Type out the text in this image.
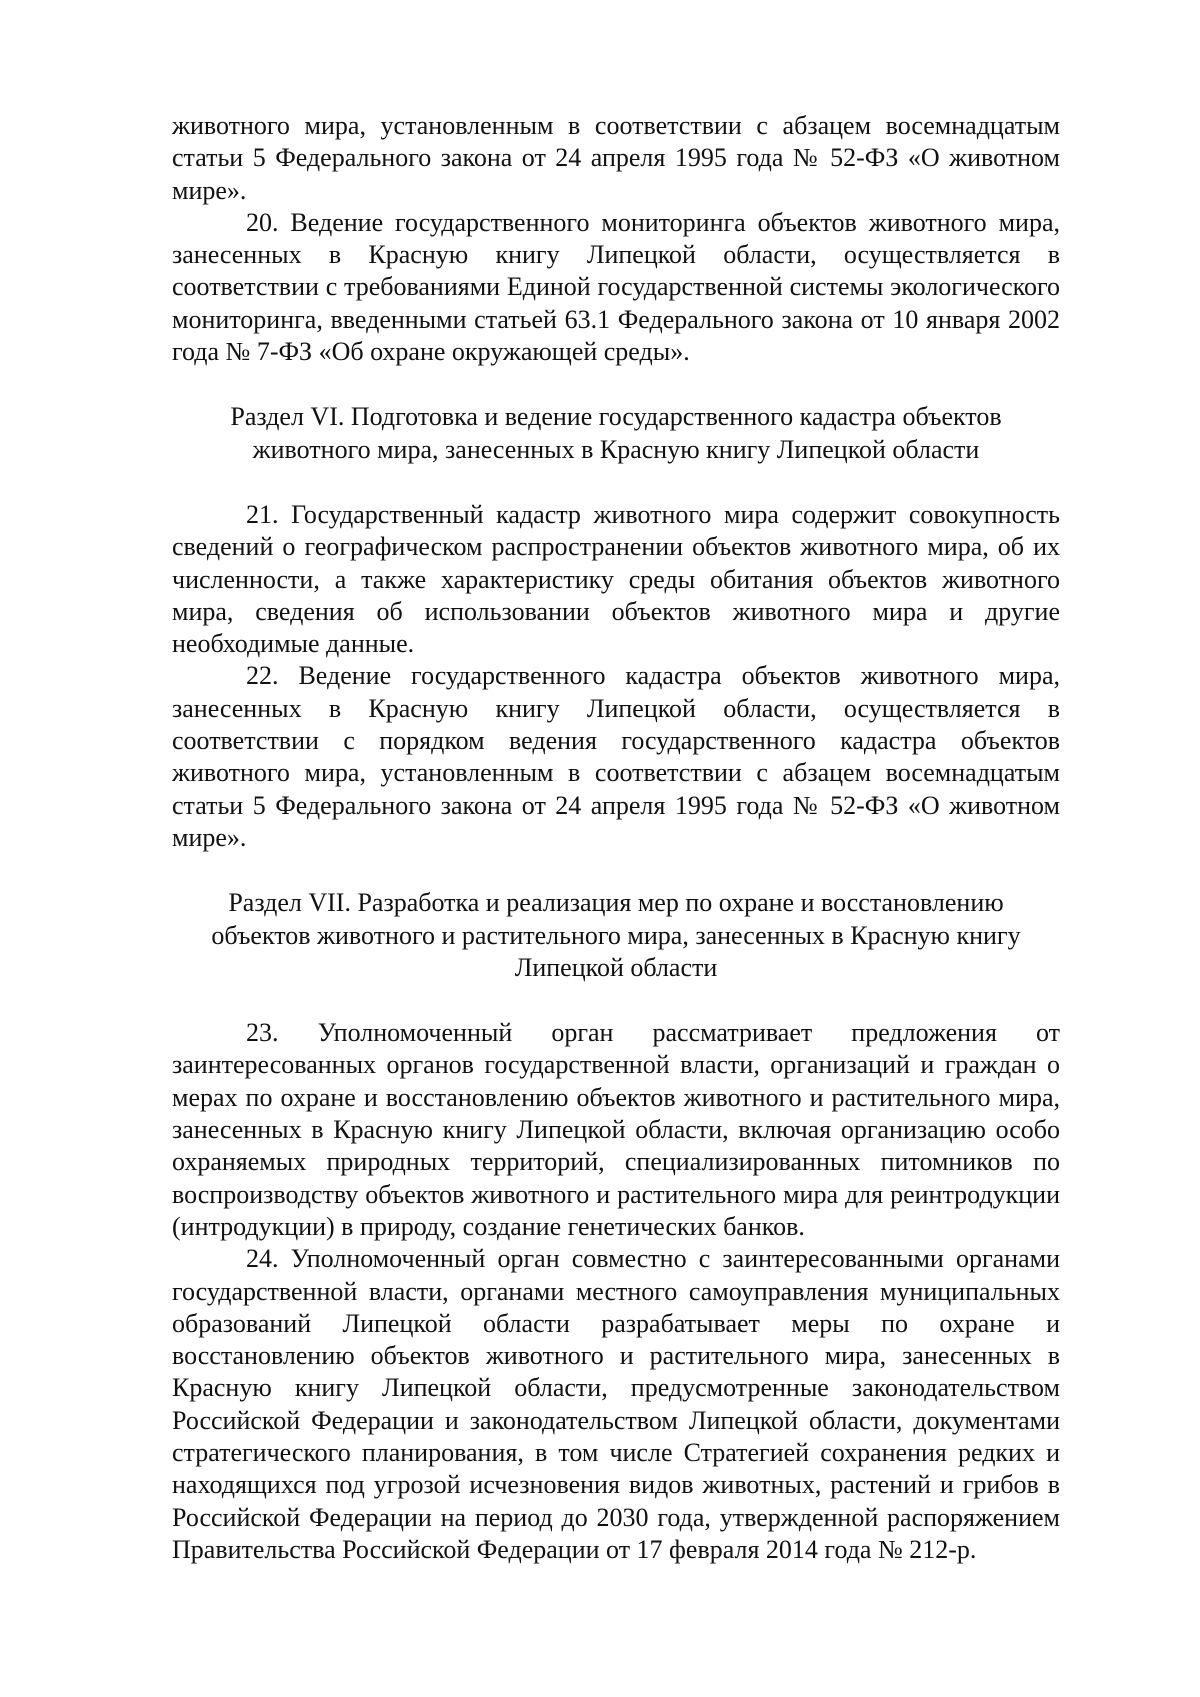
животного мира, установленным в соответствии с абзацем восемнадцатым статьи 5 Федерального закона от 24 апреля 1995 года № 52-ФЗ «О животном мире».

20. Ведение государственного мониторинга объектов животного мира, занесенных в Красную книгу Липецкой области, осуществляется в соответствии с требованиями Единой государственной системы экологического мониторинга, введенными статьей 63.1 Федерального закона от 10 января 2002 года № 7-ФЗ «Об охране окружающей среды».

Раздел VI. Подготовка и ведение государственного кадастра объектов

животного мира, занесенных в Красную книгу Липецкой области

21. Государственный кадастр животного мира содержит совокупность сведений о географическом распространении объектов животного мира, об их численности, а также характеристику среды обитания объектов животного мира, сведения об использовании объектов животного мира и другие необходимые данные.

22. Ведение государственного кадастра объектов животного мира, занесенных в Красную книгу Липецкой области, осуществляется в соответствии с порядком ведения государственного кадастра объектов животного мира, установленным в соответствии с абзацем восемнадцатым статьи 5 Федерального закона от 24 апреля 1995 года № 52-ФЗ «О животном мире».

Раздел VII. Разработка и реализация мер по охране и восстановлению

объектов животного и растительного мира, занесенных в Красную книгу

Липецкой области

23. Уполномоченный орган рассматривает предложения от заинтересованных органов государственной власти, организаций и граждан о мерах по охране и восстановлению объектов животного и растительного мира, занесенных в Красную книгу Липецкой области, включая организацию особо охраняемых природных территорий, специализированных питомников по воспроизводству объектов животного и растительного мира для реинтродукции (интродукции) в природу, создание генетических банков.

24. Уполномоченный орган совместно с заинтересованными органами государственной власти, органами местного самоуправления муниципальных образований Липецкой области разрабатывает меры по охране и восстановлению объектов животного и растительного мира, занесенных в Красную книгу Липецкой области, предусмотренные законодательством Российской Федерации и законодательством Липецкой области, документами стратегического планирования, в том числе Стратегией сохранения редких и находящихся под угрозой исчезновения видов животных, растений и грибов в Российской Федерации на период до 2030 года, утвержденной распоряжением Правительства Российской Федерации от 17 февраля 2014 года № 212-р.
